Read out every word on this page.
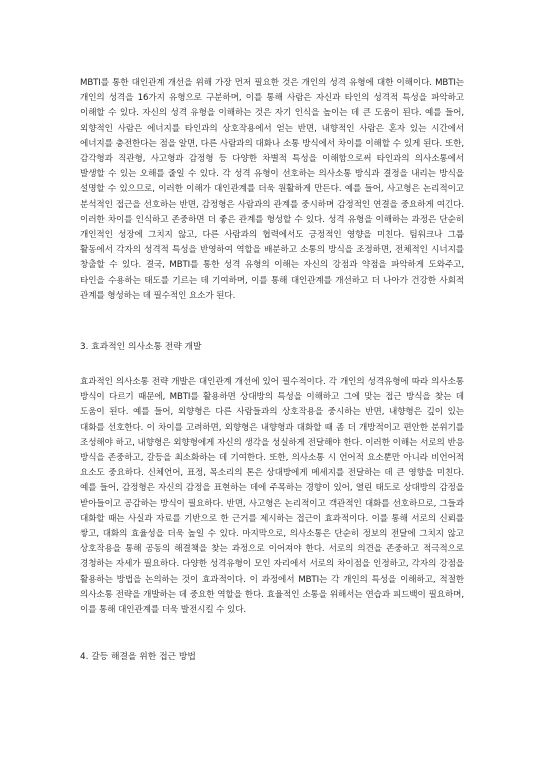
MBTI를 통한 대인관계 개선을 위해 가장 먼저 필요한 것은 개인의 성격 유형에 대한 이해이다. MBTI는 개인의 성격을 16가지 유형으로 구분하며, 이를 통해 사람은 자신과 타인의 성격적 특성을 파악하고 이해할 수 있다. 자신의 성격 유형을 이해하는 것은 자기 인식을 높이는 데 큰 도움이 된다. 예를 들어, 외향적인 사람은 에너지를 타인과의 상호작용에서 얻는 반면, 내향적인 사람은 혼자 있는 시간에서 에너지를 충전한다는 점을 알면, 다른 사람과의 대화나 소통 방식에서 차이를 이해할 수 있게 된다. 또한, 감각형과 직관형, 사고형과 감정형 등 다양한 차별적 특성을 이해함으로써 타인과의 의사소통에서 발생할 수 있는 오해를 줄일 수 있다. 각 성격 유형이 선호하는 의사소통 방식과 결정을 내리는 방식을 설명할 수 있으므로, 이러한 이해가 대인관계를 더욱 원활하게 만든다. 예를 들어, 사고형은 논리적이고 분석적인 접근을 선호하는 반면, 감정형은 사람과의 관계를 중시하며 감정적인 연결을 중요하게 여긴다. 이러한 차이를 인식하고 존중하면 더 좋은 관계를 형성할 수 있다. 성격 유형을 이해하는 과정은 단순히 개인적인 성장에 그치지 않고, 다른 사람과의 협력에서도 긍정적인 영향을 미친다. 팀워크나 그룹 활동에서 각자의 성격적 특성을 반영하여 역할을 배분하고 소통의 방식을 조정하면, 전체적인 시너지를 창출할 수 있다. 결국, MBTI를 통한 성격 유형의 이해는 자신의 강점과 약점을 파악하게 도와주고, 타인을 수용하는 태도를 기르는 데 기여하며, 이를 통해 대인관계를 개선하고 더 나아가 건강한 사회적 관계를 형성하는 데 필수적인 요소가 된다.

3. 효과적인 의사소통 전략 개발

효과적인 의사소통 전략 개발은 대인관계 개선에 있어 필수적이다. 각 개인의 성격유형에 따라 의사소통 방식이 다르기 때문에, MBTI를 활용하면 상대방의 특성을 이해하고 그에 맞는 접근 방식을 찾는 데 도움이 된다. 예를 들어, 외향형은 다른 사람들과의 상호작용을 중시하는 반면, 내향형은 깊이 있는 대화를 선호한다. 이 차이를 고려하면, 외향형은 내향형과 대화할 때 좀 더 개방적이고 편안한 분위기를 조성해야 하고, 내향형은 외향형에게 자신의 생각을 성실하게 전달해야 한다. 이러한 이해는 서로의 반응 방식을 존중하고, 갈등을 최소화하는 데 기여한다. 또한, 의사소통 시 언어적 요소뿐만 아니라 비언어적 요소도 중요하다. 신체언어, 표정, 목소리의 톤은 상대방에게 메세지를 전달하는 데 큰 영향을 미친다. 예를 들어, 감정형은 자신의 감정을 표현하는 데에 주목하는 경향이 있어, 열린 태도로 상대방의 감정을 받아들이고 공감하는 방식이 필요하다. 반면, 사고형은 논리적이고 객관적인 대화를 선호하므로, 그들과 대화할 때는 사실과 자료를 기반으로 한 근거를 제시하는 접근이 효과적이다. 이를 통해 서로의 신뢰를 쌓고, 대화의 효율성을 더욱 높일 수 있다. 마지막으로, 의사소통은 단순히 정보의 전달에 그치지 않고 상호작용을 통해 공동의 해결책을 찾는 과정으로 이어져야 한다. 서로의 의견을 존중하고 적극적으로 경청하는 자세가 필요하다. 다양한 성격유형이 모인 자리에서 서로의 차이점을 인정하고, 각자의 강점을 활용하는 방법을 논의하는 것이 효과적이다. 이 과정에서 MBTI는 각 개인의 특성을 이해하고, 적절한 의사소통 전략을 개발하는 데 중요한 역할을 한다. 효율적인 소통을 위해서는 연습과 피드백이 필요하며, 이를 통해 대인관계를 더욱 발전시킬 수 있다.

4. 갈등 해결을 위한 접근 방법
